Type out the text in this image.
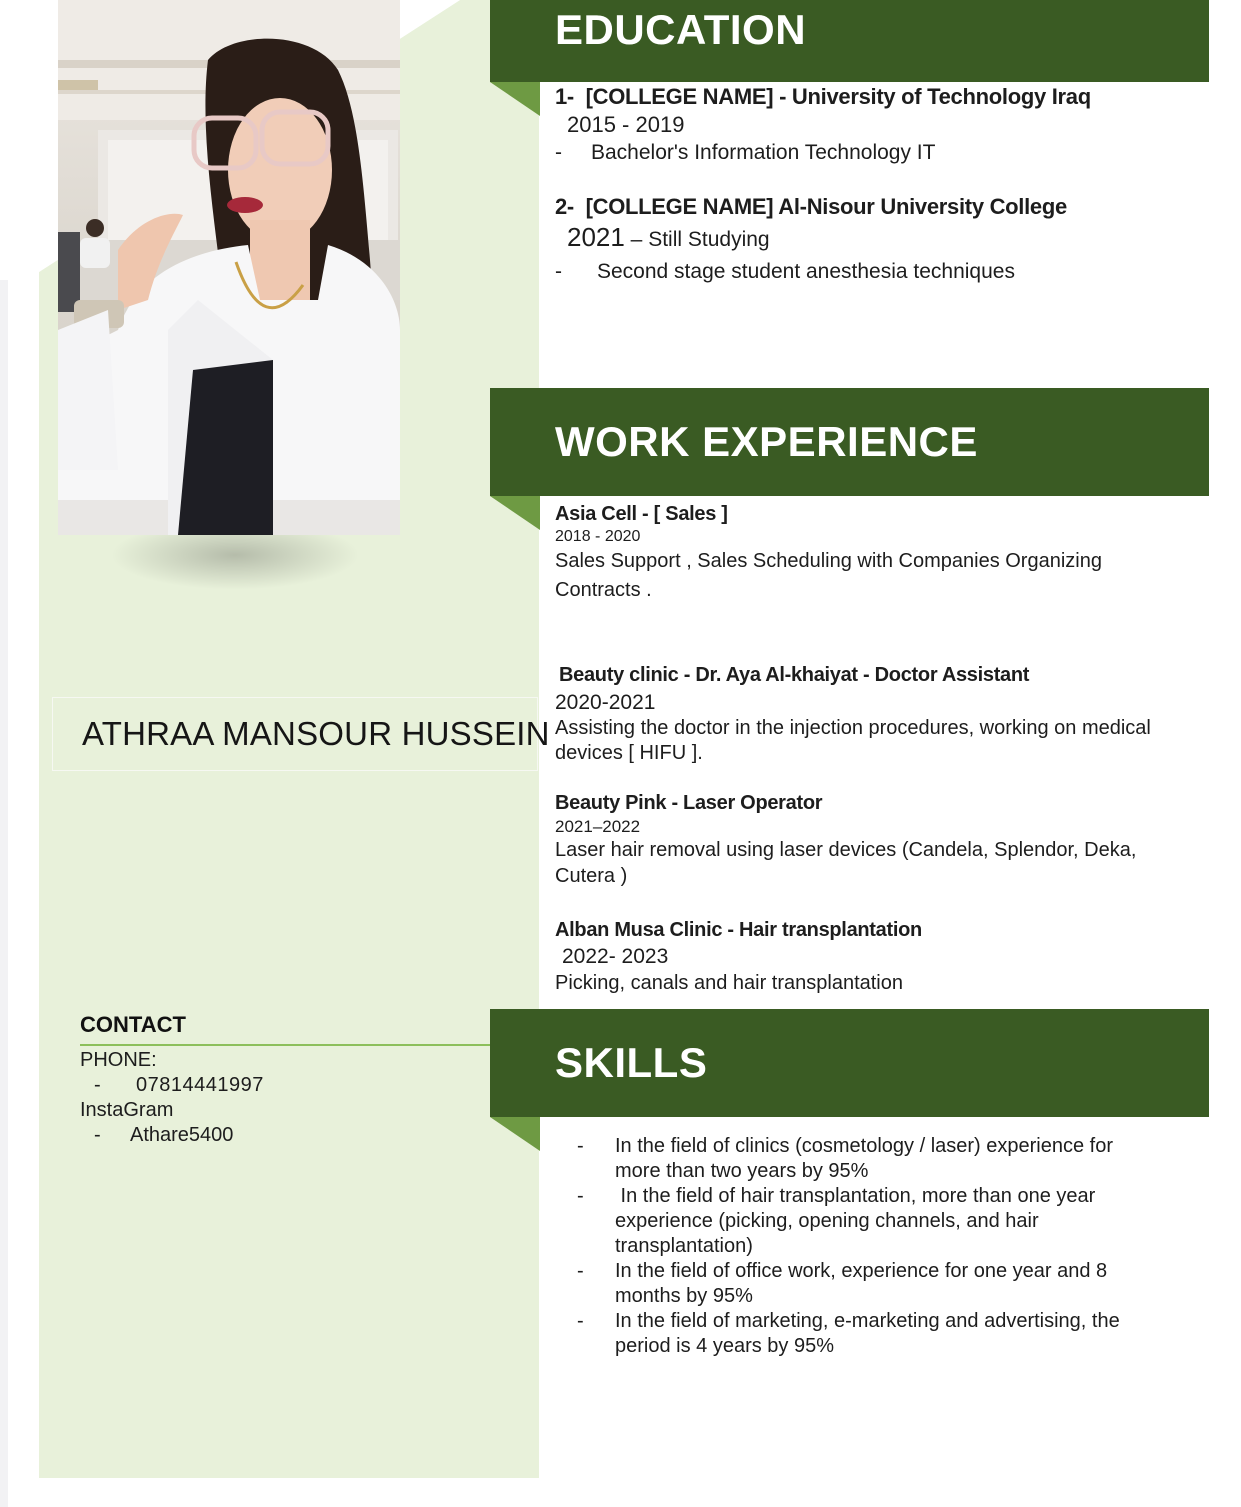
ATHRAA MANSOUR HUSSEIN
CONTACT
PHONE:
- 07814441997
InstaGram
- Athare5400
EDUCATION
1- [COLLEGE NAME] - University of Technology Iraq
2015 - 2019
- Bachelor's Information Technology IT
2- [COLLEGE NAME] Al-Nisour University College
2021 – Still Studying
- Second stage student anesthesia techniques
WORK EXPERIENCE
Asia Cell - [ Sales ]
2018 - 2020
Sales Support , Sales Scheduling with Companies Organizing
Contracts .
Beauty clinic - Dr. Aya Al-khaiyat - Doctor Assistant
2020-2021
Assisting the doctor in the injection procedures, working on medical
devices [ HIFU ].
Beauty Pink - Laser Operator
2021–2022
Laser hair removal using laser devices (Candela, Splendor, Deka,
Cutera )
Alban Musa Clinic - Hair transplantation
2022- 2023
Picking, canals and hair transplantation
SKILLS
- In the field of clinics (cosmetology / laser) experience for
more than two years by 95%
- In the field of hair transplantation, more than one year
experience (picking, opening channels, and hair
transplantation)
- In the field of office work, experience for one year and 8
months by 95%
- In the field of marketing, e-marketing and advertising, the
period is 4 years by 95%
